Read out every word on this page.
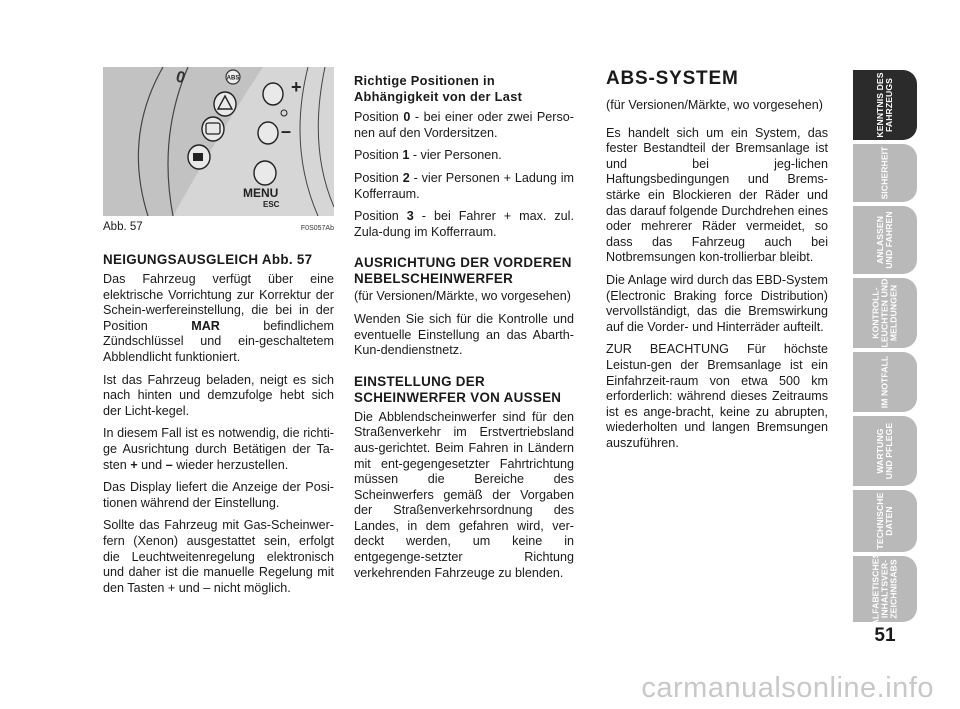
0	ABS	+
–
MENU
ESC
Abb. 57	F0S057Ab
NEIGUNGSAUSGLEICH Abb. 57

Das Fahrzeug verfügt über eine elektrische Vorrichtung zur Korrektur der Schein-werfereinstellung, die bei in der Position MAR befindlichem Zündschlüssel und ein-geschaltetem Abblendlicht funktioniert.

Ist das Fahrzeug beladen, neigt es sich nach hinten und demzufolge hebt sich der Licht-kegel.

In diesem Fall ist es notwendig, die richti-ge Ausrichtung durch Betätigen der Ta-sten + und – wieder herzustellen.

Das Display liefert die Anzeige der Posi-tionen während der Einstellung.

Sollte das Fahrzeug mit Gas-Scheinwer-fern (Xenon) ausgestattet sein, erfolgt die Leuchtweitenregelung elektronisch und daher ist die manuelle Regelung mit den Tasten + und – nicht möglich.

Richtige Positionen in Abhängigkeit von der Last

Position 0 - bei einer oder zwei Perso-nen auf den Vordersitzen.

Position 1 - vier Personen.

Position 2 - vier Personen + Ladung im Kofferraum.

Position 3 - bei Fahrer + max. zul. Zula-dung im Kofferraum.

AUSRICHTUNG DER VORDEREN NEBELSCHEINWERFER

(für Versionen/Märkte, wo vorgesehen)

Wenden Sie sich für die Kontrolle und eventuelle Einstellung an das Abarth-Kun-dendienstnetz.

EINSTELLUNG DER SCHEINWERFER VON AUSSEN

Die Abblendscheinwerfer sind für den Straßenverkehr im Erstvertriebsland aus-gerichtet. Beim Fahren in Ländern mit ent-gegengesetzter Fahrtrichtung müssen die Bereiche des Scheinwerfers gemäß der Vorgaben der Straßenverkehrsordnung des Landes, in dem gefahren wird, ver-deckt werden, um keine in entgegenge-setzter Richtung verkehrenden Fahrzeuge zu blenden.

ABS-SYSTEM

(für Versionen/Märkte, wo vorgesehen)

Es handelt sich um ein System, das fester Bestandteil der Bremsanlage ist und bei jeg-lichen Haftungsbedingungen und Brems-stärke ein Blockieren der Räder und das darauf folgende Durchdrehen eines oder mehrerer Räder vermeidet, so dass das Fahrzeug auch bei Notbremsungen kon-trollierbar bleibt.

Die Anlage wird durch das EBD-System (Electronic Braking force Distribution) vervollständigt, das die Bremswirkung auf die Vorder- und Hinterräder aufteilt.

ZUR BEACHTUNG Für höchste Leistun-gen der Bremsanlage ist ein Einfahrzeit-raum von etwa 500 km erforderlich: während dieses Zeitraums ist es ange-bracht, keine zu abrupten, wiederholten und langen Bremsungen auszuführen.

KENNTNIS DES
FAHRZEUGS
SICHERHEIT
ANLASSEN
UND FAHREN
KONTROLL-
LEUCHTEN UND
MELDUNGEN
IM NOTFALL
WARTUNG
UND PFLEGE
TECHNISCHE
DATEN
ALFABETISCHES
INHALTSVER-
ZEICHNISABS
51
carmanualsonline.info
